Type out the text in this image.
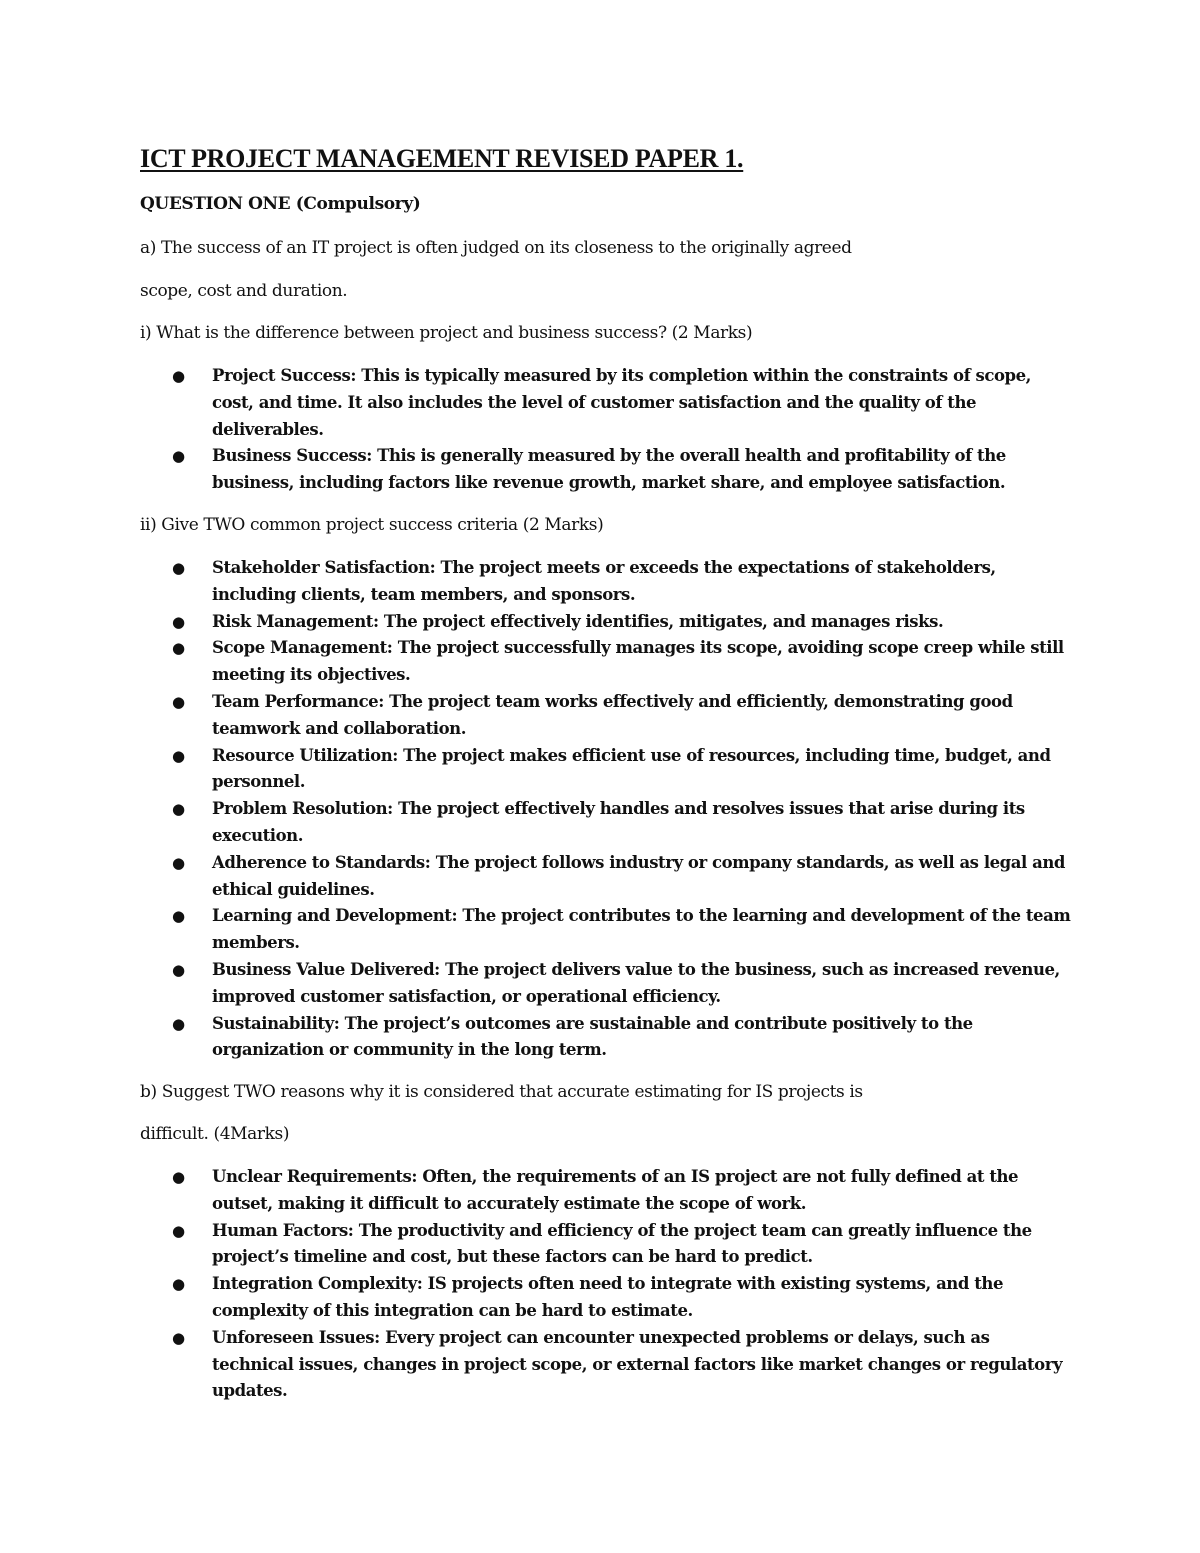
ICT PROJECT MANAGEMENT REVISED PAPER 1.

QUESTION ONE (Compulsory)

a) The success of an IT project is often judged on its closeness to the originally agreed

scope, cost and duration.

i) What is the difference between project and business success? (2 Marks)

● Project Success: This is typically measured by its completion within the constraints of scope, cost, and time. It also includes the level of customer satisfaction and the quality of the deliverables.
● Business Success: This is generally measured by the overall health and profitability of the business, including factors like revenue growth, market share, and employee satisfaction.

ii) Give TWO common project success criteria (2 Marks)

● Stakeholder Satisfaction: The project meets or exceeds the expectations of stakeholders, including clients, team members, and sponsors.
● Risk Management: The project effectively identifies, mitigates, and manages risks.
● Scope Management: The project successfully manages its scope, avoiding scope creep while still meeting its objectives.
● Team Performance: The project team works effectively and efficiently, demonstrating good teamwork and collaboration.
● Resource Utilization: The project makes efficient use of resources, including time, budget, and personnel.
● Problem Resolution: The project effectively handles and resolves issues that arise during its execution.
● Adherence to Standards: The project follows industry or company standards, as well as legal and ethical guidelines.
● Learning and Development: The project contributes to the learning and development of the team members.
● Business Value Delivered: The project delivers value to the business, such as increased revenue, improved customer satisfaction, or operational efficiency.
● Sustainability: The project’s outcomes are sustainable and contribute positively to the organization or community in the long term.

b) Suggest TWO reasons why it is considered that accurate estimating for IS projects is

difficult. (4Marks)

● Unclear Requirements: Often, the requirements of an IS project are not fully defined at the outset, making it difficult to accurately estimate the scope of work.
● Human Factors: The productivity and efficiency of the project team can greatly influence the project’s timeline and cost, but these factors can be hard to predict.
● Integration Complexity: IS projects often need to integrate with existing systems, and the complexity of this integration can be hard to estimate.
● Unforeseen Issues: Every project can encounter unexpected problems or delays, such as technical issues, changes in project scope, or external factors like market changes or regulatory updates.
